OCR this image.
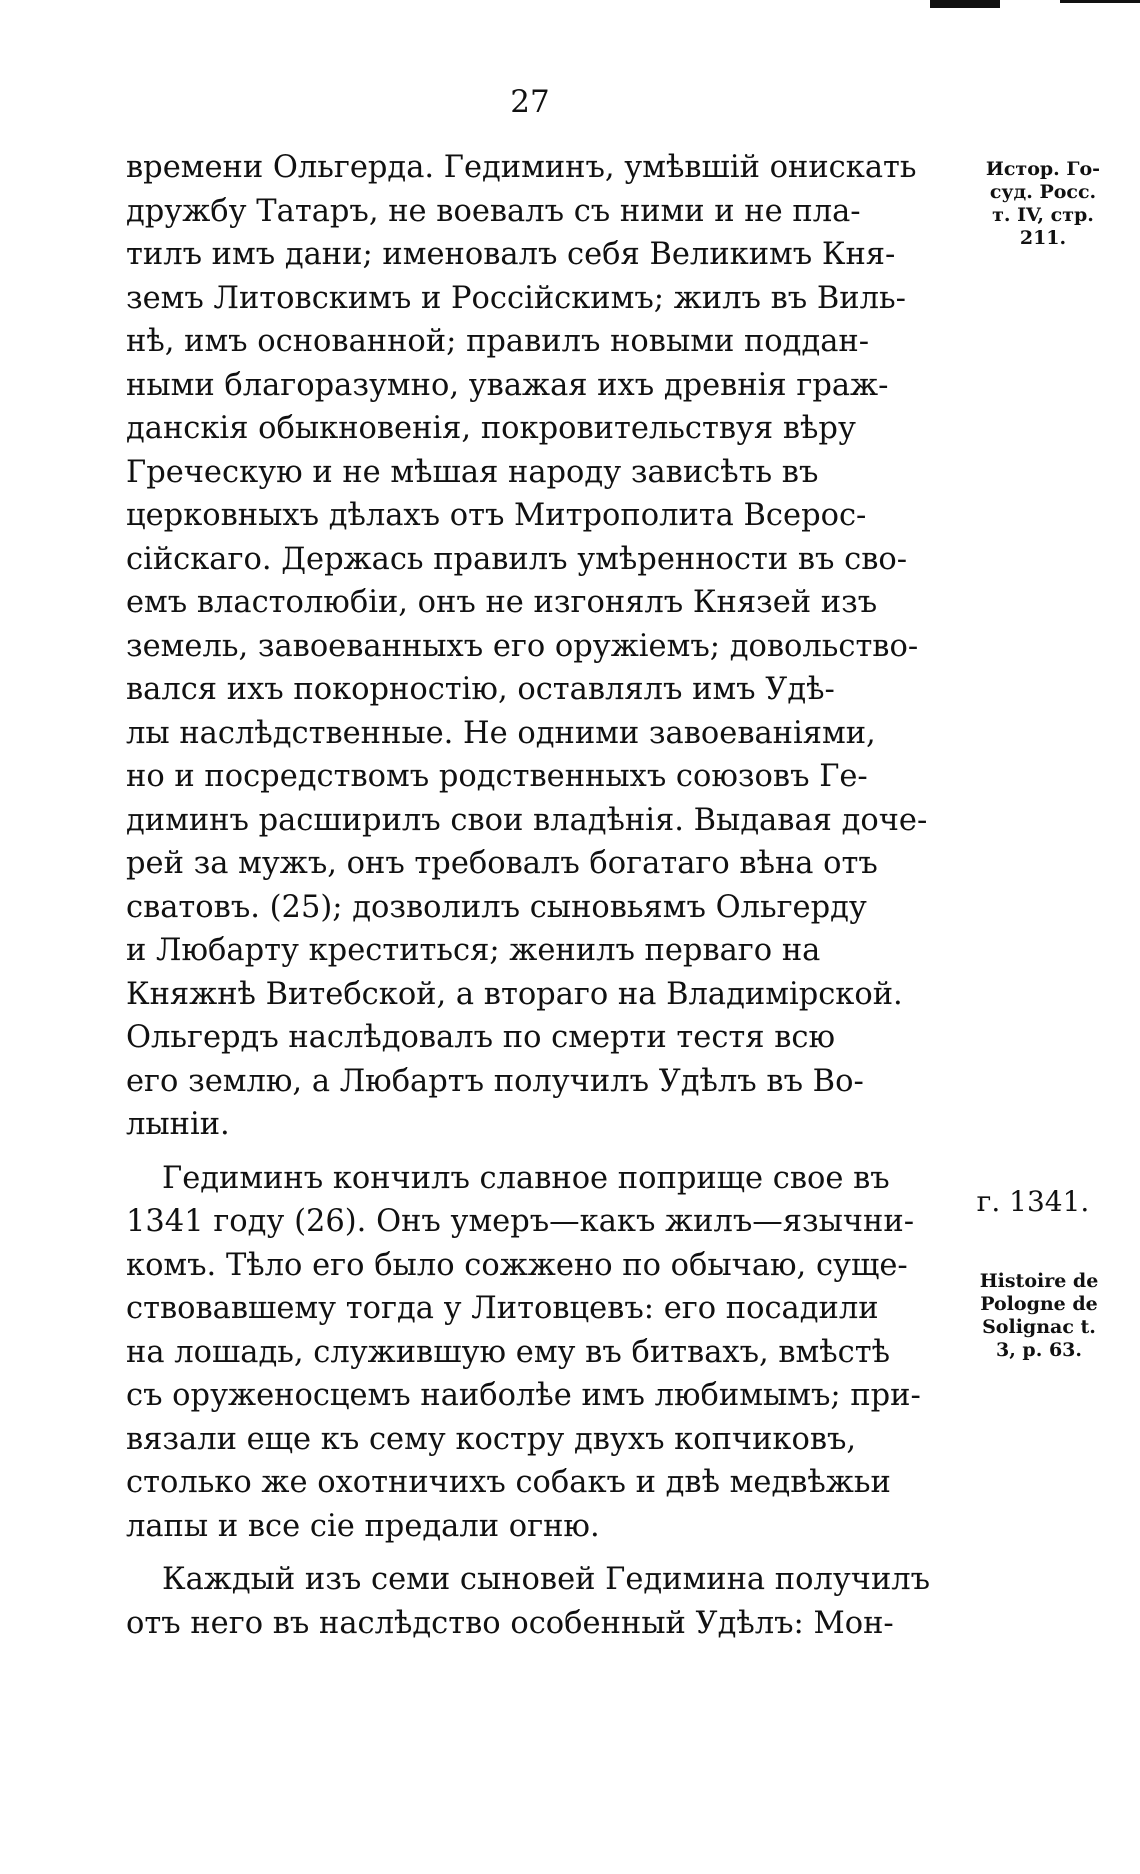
27
времени Ольгерда. Гедиминъ, умѣвшій онискать
дружбу Татаръ, не воевалъ съ ними и не пла-
тилъ имъ дани; именовалъ себя Великимъ Кня-
земъ Литовскимъ и Россійскимъ; жилъ въ Виль-
нѣ, имъ основанной; правилъ новыми поддан-
ными благоразумно, уважая ихъ древнія граж-
данскія обыкновенія, покровительствуя вѣру
Греческую и не мѣшая народу зависѣть въ
церковныхъ дѣлахъ отъ Митрополита Всерос-
сійскаго. Держась правилъ умѣренности въ сво-
емъ властолюбіи, онъ не изгонялъ Князей изъ
земель, завоеванныхъ его оружіемъ; довольство-
вался ихъ покорностію, оставлялъ имъ Удѣ-
лы наслѣдственные. Не одними завоеваніями,
но и посредствомъ родственныхъ союзовъ Ге-
диминъ расширилъ свои владѣнія. Выдавая доче-
рей за мужъ, онъ требовалъ богатаго вѣна отъ
сватовъ. (25); дозволилъ сыновьямъ Ольгерду
и Любарту креститься; женилъ перваго на
Княжнѣ Витебской, а втораго на Владимірской.
Ольгердъ наслѣдовалъ по смерти тестя всю
его землю, а Любартъ получилъ Удѣлъ въ Во-
лыніи.
Гедиминъ кончилъ славное поприще свое въ
1341 году (26). Онъ умеръ—какъ жилъ—язычни-
комъ. Тѣло его было сожжено по обычаю, суще-
ствовавшему тогда у Литовцевъ: его посадили
на лошадь, служившую ему въ битвахъ, вмѣстѣ
съ оруженосцемъ наиболѣе имъ любимымъ; при-
вязали еще къ сему костру двухъ копчиковъ,
столько же охотничихъ собакъ и двѣ медвѣжьи
лапы и все сіе предали огню.
Каждый изъ семи сыновей Гедимина получилъ
отъ него въ наслѣдство особенный Удѣлъ: Мон-
Истор. Го-
суд. Росс.
т. IV, стр.
211.
г. 1341.
Histoire de
Pologne de
Solignac t.
3, p. 63.
